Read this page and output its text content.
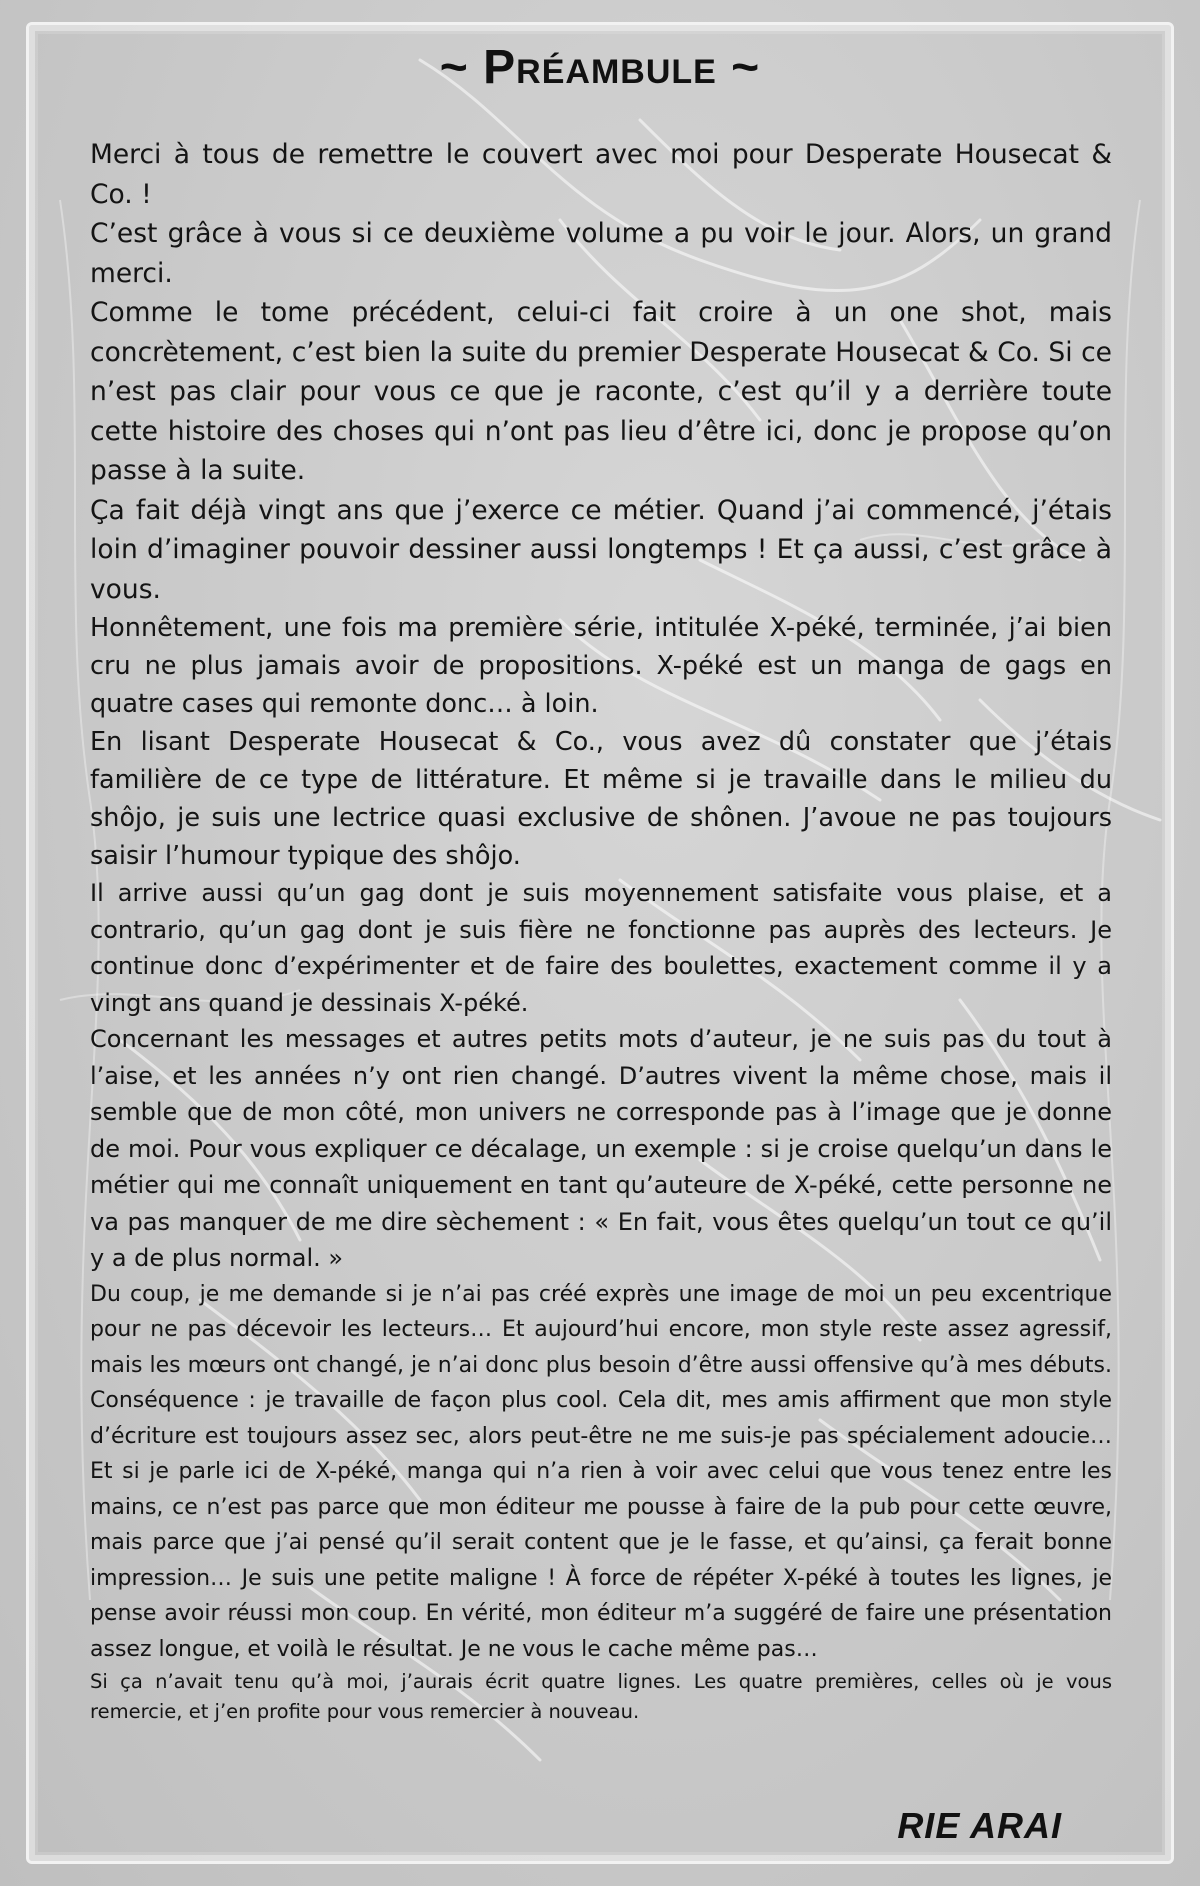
~ Préambule ~

Merci à tous de remettre le couvert avec moi pour Desperate Housecat & Co. !

C’est grâce à vous si ce deuxième volume a pu voir le jour. Alors, un grand merci.

Comme le tome précédent, celui-ci fait croire à un one shot, mais concrètement, c’est bien la suite du premier Desperate Housecat & Co. Si ce n’est pas clair pour vous ce que je raconte, c’est qu’il y a derrière toute cette histoire des choses qui n’ont pas lieu d’être ici, donc je propose qu’on passe à la suite.

Ça fait déjà vingt ans que j’exerce ce métier. Quand j’ai commencé, j’étais loin d’imaginer pouvoir dessiner aussi longtemps ! Et ça aussi, c’est grâce à vous.

Honnêtement, une fois ma première série, intitulée X-péké, terminée, j’ai bien cru ne plus jamais avoir de propositions. X-péké est un manga de gags en quatre cases qui remonte donc… à loin.

En lisant Desperate Housecat & Co., vous avez dû constater que j’étais familière de ce type de littérature. Et même si je travaille dans le milieu du shôjo, je suis une lectrice quasi exclusive de shônen. J’avoue ne pas toujours saisir l’humour typique des shôjo.

Il arrive aussi qu’un gag dont je suis moyennement satisfaite vous plaise, et a contrario, qu’un gag dont je suis fière ne fonctionne pas auprès des lecteurs. Je continue donc d’expérimenter et de faire des boulettes, exactement comme il y a vingt ans quand je dessinais X-péké.

Concernant les messages et autres petits mots d’auteur, je ne suis pas du tout à l’aise, et les années n’y ont rien changé. D’autres vivent la même chose, mais il semble que de mon côté, mon univers ne corresponde pas à l’image que je donne de moi. Pour vous expliquer ce décalage, un exemple : si je croise quelqu’un dans le métier qui me connaît uniquement en tant qu’auteure de X-péké, cette personne ne va pas manquer de me dire sèchement : « En fait, vous êtes quelqu’un tout ce qu’il y a de plus normal. »

Du coup, je me demande si je n’ai pas créé exprès une image de moi un peu excentrique pour ne pas décevoir les lecteurs… Et aujourd’hui encore, mon style reste assez agressif, mais les mœurs ont changé, je n’ai donc plus besoin d’être aussi offensive qu’à mes débuts. Conséquence : je travaille de façon plus cool. Cela dit, mes amis affirment que mon style d’écriture est toujours assez sec, alors peut-être ne me suis-je pas spécialement adoucie… Et si je parle ici de X-péké, manga qui n’a rien à voir avec celui que vous tenez entre les mains, ce n’est pas parce que mon éditeur me pousse à faire de la pub pour cette œuvre, mais parce que j’ai pensé qu’il serait content que je le fasse, et qu’ainsi, ça ferait bonne impression… Je suis une petite maligne ! À force de répéter X-péké à toutes les lignes, je pense avoir réussi mon coup. En vérité, mon éditeur m’a suggéré de faire une présentation assez longue, et voilà le résultat. Je ne vous le cache même pas…

Si ça n’avait tenu qu’à moi, j’aurais écrit quatre lignes. Les quatre premières, celles où je vous remercie, et j’en profite pour vous remercier à nouveau.

RIE ARAI
